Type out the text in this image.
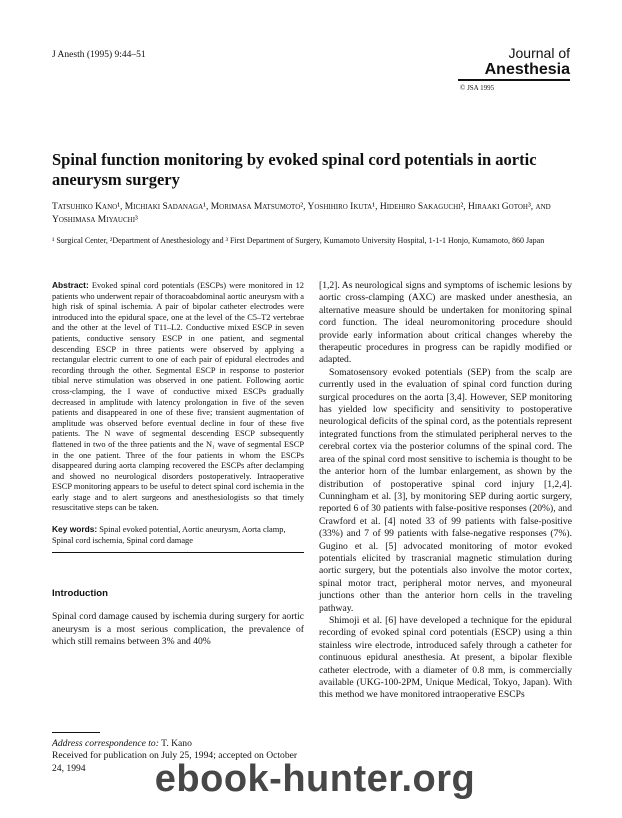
J Anesth (1995) 9:44–51	Journal of
Anesthesia
© JSA 1995
Spinal function monitoring by evoked spinal cord potentials in aortic aneurysm surgery
Tatsuhiko Kano¹, Michiaki Sadanaga¹, Morimasa Matsumoto², Yoshihiro Ikuta¹, Hidehiro Sakaguchi², Hiraaki Gotoh³, and Yoshimasa Miyauchi³
¹ Surgical Center, ²Department of Anesthesiology and ³ First Department of Surgery, Kumamoto University Hospital, 1-1-1 Honjo, Kumamoto, 860 Japan

Abstract: Evoked spinal cord potentials (ESCPs) were monitored in 12 patients who underwent repair of thoracoabdominal aortic aneurysm with a high risk of spinal ischemia. A pair of bipolar catheter electrodes were introduced into the epidural space, one at the level of the C5–T2 vertebrae and the other at the level of T11–L2. Conductive mixed ESCP in seven patients, conductive sensory ESCP in one patient, and segmental descending ESCP in three patients were observed by applying a rectangular electric current to one of each pair of epidural electrodes and recording through the other. Segmental ESCP in response to posterior tibial nerve stimulation was observed in one patient. Following aortic cross-clamping, the I wave of conductive mixed ESCPs gradually decreased in amplitude with latency prolongation in five of the seven patients and disappeared in one of these five; transient augmentation of amplitude was observed before eventual decline in four of these five patients. The N wave of segmental descending ESCP subsequently flattened in two of the three patients and the N₁ wave of segmental ESCP in the one patient. Three of the four patients in whom the ESCPs disappeared during aorta clamping recovered the ESCPs after declamping and showed no neurological disorders postoperatively. Intraoperative ESCP monitoring appears to be useful to detect spinal cord ischemia in the early stage and to alert surgeons and anesthesiologists so that timely resuscitative steps can be taken.

Key words: Spinal evoked potential, Aortic aneurysm, Aorta clamp, Spinal cord ischemia, Spinal cord damage

Introduction

Spinal cord damage caused by ischemia during surgery for aortic aneurysm is a most serious complication, the prevalence of which still remains between 3% and 40%

[1,2]. As neurological signs and symptoms of ischemic lesions by aortic cross-clamping (AXC) are masked under anesthesia, an alternative measure should be undertaken for monitoring spinal cord function. The ideal neuromonitoring procedure should provide early information about critical changes whereby the therapeutic procedures in progress can be rapidly modified or adapted.

Somatosensory evoked potentials (SEP) from the scalp are currently used in the evaluation of spinal cord function during surgical procedures on the aorta [3,4]. However, SEP monitoring has yielded low specificity and sensitivity to postoperative neurological deficits of the spinal cord, as the potentials represent integrated functions from the stimulated peripheral nerves to the cerebral cortex via the posterior columns of the spinal cord. The area of the spinal cord most sensitive to ischemia is thought to be the anterior horn of the lumbar enlargement, as shown by the distribution of postoperative spinal cord injury [1,2,4]. Cunningham et al. [3], by monitoring SEP during aortic surgery, reported 6 of 30 patients with false-positive responses (20%), and Crawford et al. [4] noted 33 of 99 patients with false-positive (33%) and 7 of 99 patients with false-negative responses (7%). Gugino et al. [5] advocated monitoring of motor evoked potentials elicited by trascranial magnetic stimulation during aortic surgery, but the potentials also involve the motor cortex, spinal motor tract, peripheral motor nerves, and myoneural junctions other than the anterior horn cells in the traveling pathway.

Shimoji et al. [6] have developed a technique for the epidural recording of evoked spinal cord potentials (ESCP) using a thin stainless wire electrode, introduced safely through a catheter for continuous epidural anesthesia. At present, a bipolar flexible catheter electrode, with a diameter of 0.8 mm, is commercially available (UKG-100-2PM, Unique Medical, Tokyo, Japan). With this method we have monitored intraoperative ESCPs

Address correspondence to: T. Kano
Received for publication on July 25, 1994; accepted on October 24, 1994	ebook-hunter.org
